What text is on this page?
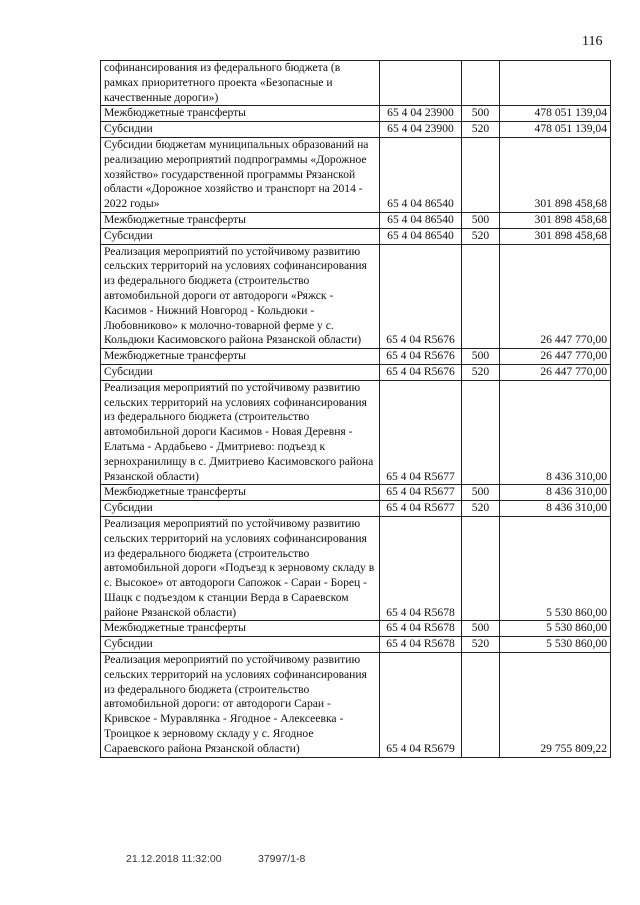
116
софинансирования из федерального бюджета (в рамках приоритетного проекта «Безопасные и качественные дороги»)			
Межбюджетные трансферты	65 4 04 23900	500	478 051 139,04
Субсидии	65 4 04 23900	520	478 051 139,04
Субсидии бюджетам муниципальных образований на реализацию мероприятий подпрограммы «Дорожное хозяйство» государственной программы Рязанской области «Дорожное хозяйство и транспорт на 2014 - 2022 годы»	65 4 04 86540		301 898 458,68
Межбюджетные трансферты	65 4 04 86540	500	301 898 458,68
Субсидии	65 4 04 86540	520	301 898 458,68
Реализация мероприятий по устойчивому развитию сельских территорий на условиях софинансирования из федерального бюджета (строительство автомобильной дороги от автодороги «Ряжск - Касимов - Нижний Новгород - Кольдюки - Любовниково» к молочно-товарной ферме у с. Кольдюки Касимовского района Рязанской области)	65 4 04 R5676		26 447 770,00
Межбюджетные трансферты	65 4 04 R5676	500	26 447 770,00
Субсидии	65 4 04 R5676	520	26 447 770,00
Реализация мероприятий по устойчивому развитию сельских территорий на условиях софинансирования из федерального бюджета (строительство автомобильной дороги Касимов - Новая Деревня - Елатьма - Ардабьево - Дмитриево: подъезд к зернохранилищу в с. Дмитриево Касимовского района Рязанской области)	65 4 04 R5677		8 436 310,00
Межбюджетные трансферты	65 4 04 R5677	500	8 436 310,00
Субсидии	65 4 04 R5677	520	8 436 310,00
Реализация мероприятий по устойчивому развитию сельских территорий на условиях софинансирования из федерального бюджета (строительство автомобильной дороги «Подъезд к зерновому складу в с. Высокое» от автодороги Сапожок - Сараи - Борец - Шацк с подъездом к станции Верда в Сараевском районе Рязанской области)	65 4 04 R5678		5 530 860,00
Межбюджетные трансферты	65 4 04 R5678	500	5 530 860,00
Субсидии	65 4 04 R5678	520	5 530 860,00
Реализация мероприятий по устойчивому развитию сельских территорий на условиях софинансирования из федерального бюджета (строительство автомобильной дороги: от автодороги Сараи - Кривское - Муравлянка - Ягодное - Алексеевка - Троицкое к зерновому складу у с. Ягодное Сараевского района Рязанской области)	65 4 04 R5679		29 755 809,22
21.12.2018 11:32:00	37997/1-8
